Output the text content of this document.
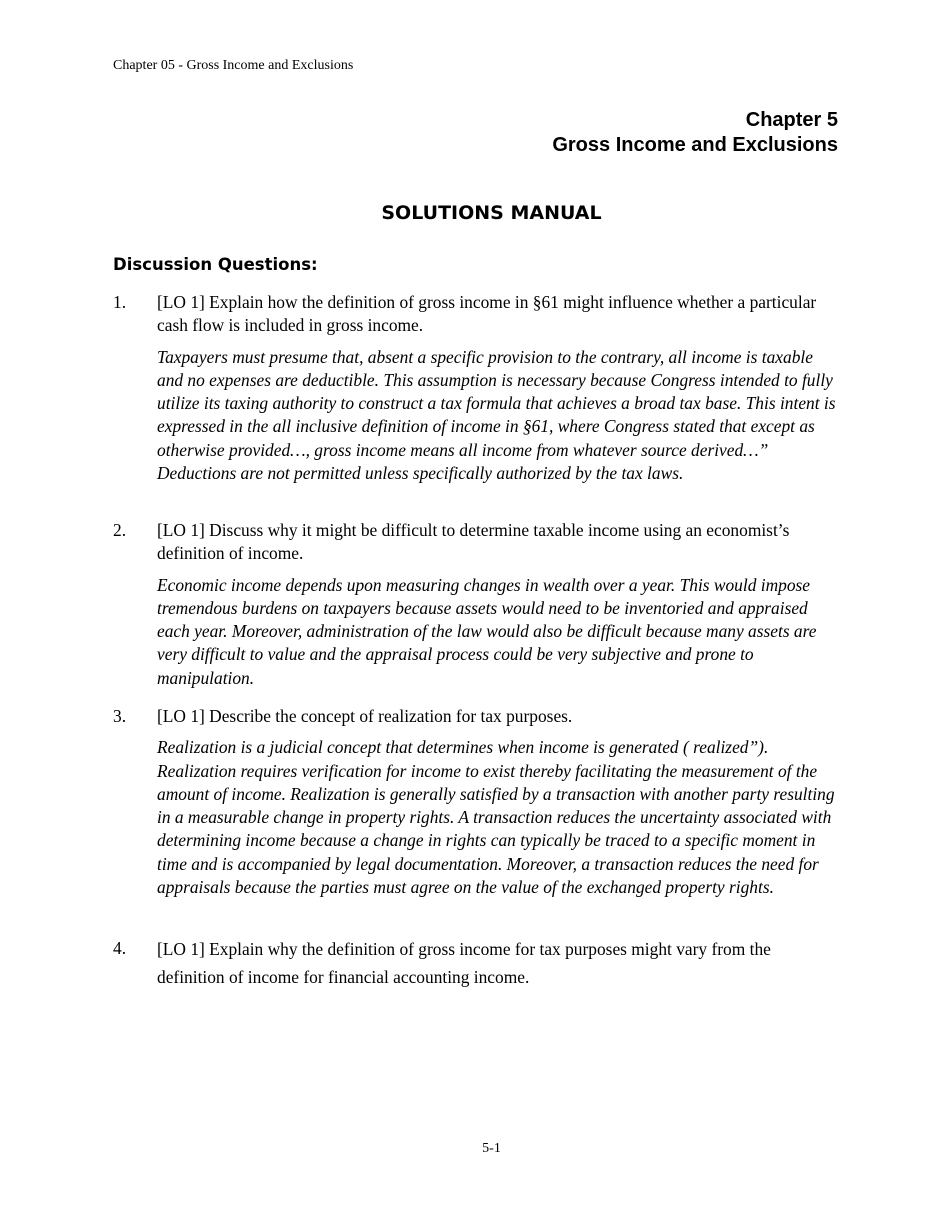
Chapter 05 - Gross Income and Exclusions
Chapter 5
Gross Income and Exclusions
SOLUTIONS MANUAL
Discussion Questions:
1. [LO 1] Explain how the definition of gross income in §61 might influence whether a particular cash flow is included in gross income.
Taxpayers must presume that, absent a specific provision to the contrary, all income is taxable and no expenses are deductible. This assumption is necessary because Congress intended to fully utilize its taxing authority to construct a tax formula that achieves a broad tax base. This intent is expressed in the all inclusive definition of income in §61, where Congress stated that except as otherwise provided…, gross income means all income from whatever source derived…” Deductions are not permitted unless specifically authorized by the tax laws.
2. [LO 1] Discuss why it might be difficult to determine taxable income using an economist’s definition of income.
Economic income depends upon measuring changes in wealth over a year. This would impose tremendous burdens on taxpayers because assets would need to be inventoried and appraised each year. Moreover, administration of the law would also be difficult because many assets are very difficult to value and the appraisal process could be very subjective and prone to manipulation.
3. [LO 1] Describe the concept of realization for tax purposes.
Realization is a judicial concept that determines when income is generated ( realized”). Realization requires verification for income to exist thereby facilitating the measurement of the amount of income. Realization is generally satisfied by a transaction with another party resulting in a measurable change in property rights. A transaction reduces the uncertainty associated with determining income because a change in rights can typically be traced to a specific moment in time and is accompanied by legal documentation. Moreover, a transaction reduces the need for appraisals because the parties must agree on the value of the exchanged property rights.
4. [LO 1] Explain why the definition of gross income for tax purposes might vary from the definition of income for financial accounting income.
5-1
